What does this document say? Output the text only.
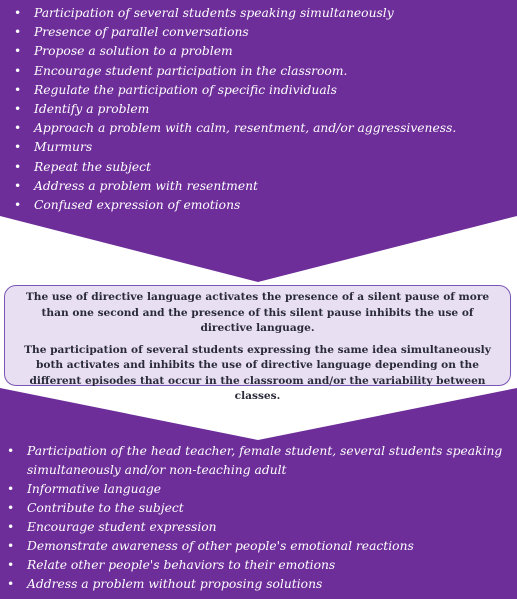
• Participation of several students speaking simultaneously
• Presence of parallel conversations
• Propose a solution to a problem
• Encourage student participation in the classroom.
• Regulate the participation of specific individuals
• Identify a problem
• Approach a problem with calm, resentment, and/or aggressiveness.
• Murmurs
• Repeat the subject
• Address a problem with resentment
• Confused expression of emotions

The use of directive language activates the presence of a silent pause of more than one second and the presence of this silent pause inhibits the use of directive language.

The participation of several students expressing the same idea simultaneously both activates and inhibits the use of directive language depending on the different episodes that occur in the classroom and/or the variability between classes.

• Participation of the head teacher, female student, several students speaking simultaneously and/or non-teaching adult
• Informative language
• Contribute to the subject
• Encourage student expression
• Demonstrate awareness of other people's emotional reactions
• Relate other people's behaviors to their emotions
• Address a problem without proposing solutions
